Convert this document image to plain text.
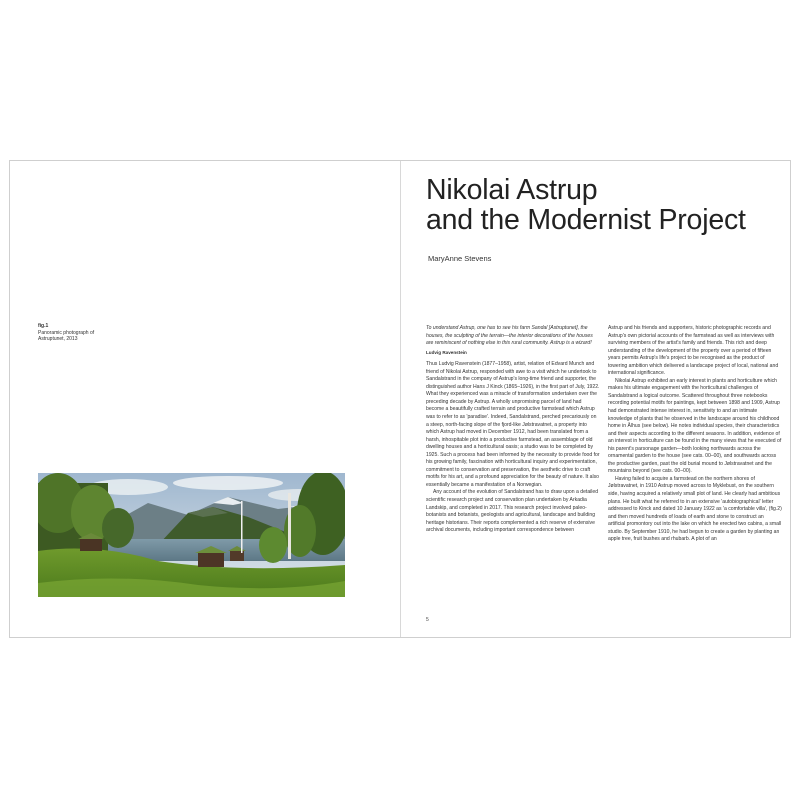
fig.1
Panoramic photograph of Astruptunet, 2013
Nikolai Astrup
and the Modernist Project
MaryAnne Stevens

To understand Astrup, one has to see his farm Sandal [Astruptunet], the houses, the sculpting of the terrain—the interior decorations of the houses are reminiscent of nothing else in this rural community. Astrup is a wizard!

Ludvig Ravenstein

Thus Ludvig Ravenstein (1877–1958), artist, relation of Edvard Munch and friend of Nikolai Astrup, responded with awe to a visit which he undertook to Sandalstrand in the company of Astrup's long-time friend and supporter, the distinguished author Hans J Kinck (1865–1926), in the first part of July, 1922. What they experienced was a miracle of transformation undertaken over the preceding decade by Astrup. A wholly unpromising parcel of land had become a beautifully crafted terrain and productive farmstead which Astrup was to refer to as 'paradise'. Indeed, Sandalstrand, perched precariously on a steep, north-facing slope of the fjord-like Jølstravatnet, a property into which Astrup had moved in December 1912, had been translated from a harsh, inhospitable plot into a productive farmstead, an assemblage of old dwelling houses and a horticultural oasis; a studio was to be completed by 1925. Such a process had been informed by the necessity to provide food for his growing family, fascination with horticultural inquiry and experimentation, commitment to conservation and preservation, the aesthetic drive to craft motifs for his art, and a profound appreciation for the beauty of nature. It also essentially became a manifestation of a Norwegian.

Any account of the evolution of Sandalstrand has to draw upon a detailed scientific research project and conservation plan undertaken by Arkadia Landskip, and completed in 2017. This research project involved paleo-botanists and botanists, geologists and agricultural, landscape and building heritage historians. Their reports complemented a rich reserve of extensive archival documents, including important correspondence between

Astrup and his friends and supporters, historic photographic records and Astrup's own pictorial accounts of the farmstead as well as interviews with surviving members of the artist's family and friends. This rich and deep understanding of the development of the property over a period of fifteen years permits Astrup's life's project to be recognised as the product of towering ambition which delivered a landscape project of local, national and international significance.

Nikolai Astrup exhibited an early interest in plants and horticulture which makes his ultimate engagement with the horticultural challenges of Sandalstrand a logical outcome. Scattered throughout three notebooks recording potential motifs for paintings, kept between 1898 and 1909, Astrup had demonstrated intense interest in, sensitivity to and an intimate knowledge of plants that he observed in the landscape around his childhood home in Ålhus (see below). He notes individual species, their characteristics and their aspects according to the different seasons. In addition, evidence of an interest in horticulture can be found in the many views that he executed of his parent's parsonage garden—both looking northwards across the ornamental garden to the house (see cats. 00–00), and southwards across the productive garden, past the old burial mound to Jølstravatnet and the mountains beyond (see cats. 00–00).

Having failed to acquire a farmstead on the northern shores of Jølstravatnet, in 1910 Astrup moved across to Myklebust, on the southern side, having acquired a relatively small plot of land. He clearly had ambitious plans. He built what he referred to in an extensive 'autobiographical' letter addressed to Kinck and dated 10 January 1922 as 'a comfortable villa', (fig.2) and then moved hundreds of loads of earth and stone to construct an artificial promontory out into the lake on which he erected two cabins, a small studio. By September 1910, he had begun to create a garden by planting an apple tree, fruit bushes and rhubarb. A plot of an

5
